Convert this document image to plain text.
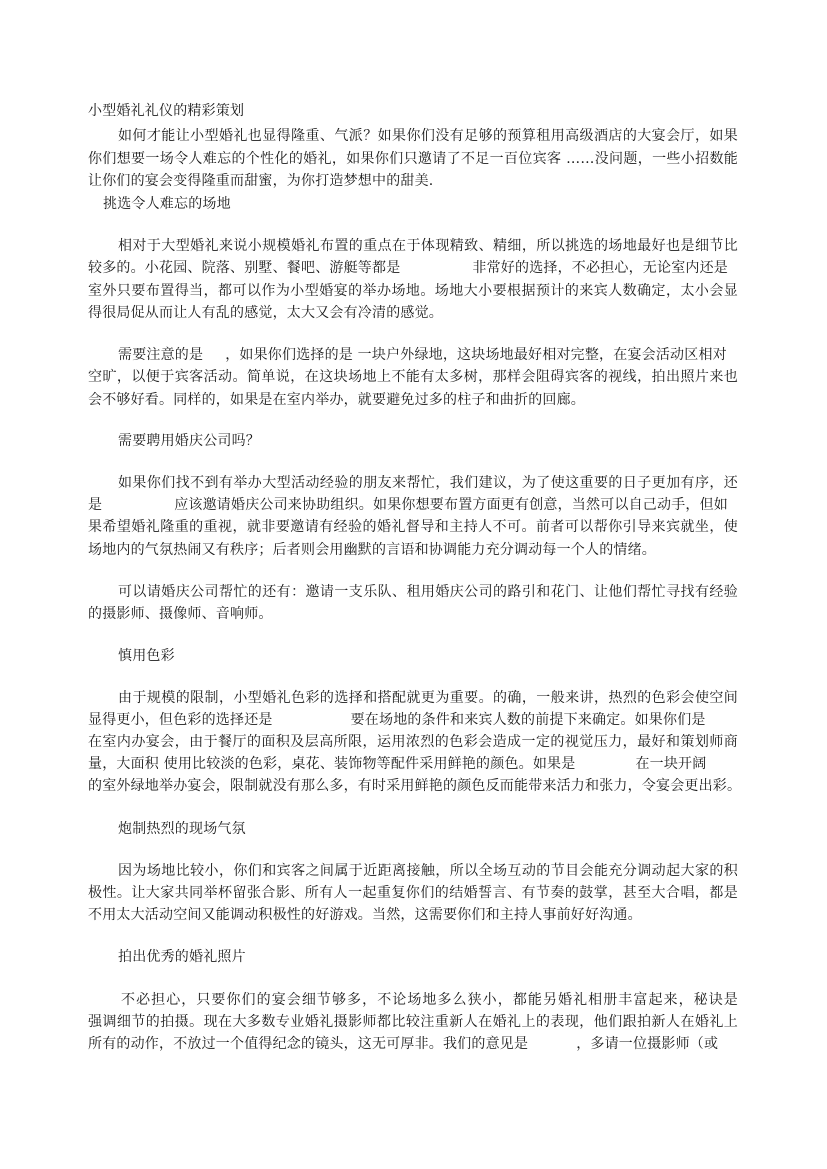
小型婚礼礼仪的精彩策划
如何才能让小型婚礼也显得隆重、气派？如果你们没有足够的预算租用高级酒店的大宴会厅，如果
你们想要一场令人难忘的个性化的婚礼，如果你们只邀请了不足一百位宾客 ……没问题，一些小招数能
让你们的宴会变得隆重而甜蜜，为你打造梦想中的甜美.
挑选令人难忘的场地
相对于大型婚礼来说小规模婚礼布置的重点在于体现精致、精细，所以挑选的场地最好也是细节比
较多的。小花园、院落、别墅、餐吧、游艇等都是	非常好的选择，不必担心，无论室内还是
室外只要布置得当，都可以作为小型婚宴的举办场地。场地大小要根据预计的来宾人数确定，太小会显
得很局促从而让人有乱的感觉，太大又会有冷清的感觉。
需要注意的是 ，如果你们选择的是 一块户外绿地，这块场地最好相对完整，在宴会活动区相对
空旷，以便于宾客活动。简单说，在这块场地上不能有太多树，那样会阻碍宾客的视线，拍出照片来也
会不够好看。同样的，如果是在室内举办，就要避免过多的柱子和曲折的回廊。
需要聘用婚庆公司吗？
如果你们找不到有举办大型活动经验的朋友来帮忙，我们建议，为了使这重要的日子更加有序，还
是	应该邀请婚庆公司来协助组织。如果你想要布置方面更有创意，当然可以自己动手，但如
果希望婚礼隆重的重视，就非要邀请有经验的婚礼督导和主持人不可。前者可以帮你引导来宾就坐，使
场地内的气氛热闹又有秩序；后者则会用幽默的言语和协调能力充分调动每一个人的情绪。
可以请婚庆公司帮忙的还有：邀请一支乐队、租用婚庆公司的路引和花门、让他们帮忙寻找有经验
的摄影师、摄像师、音响师。
慎用色彩
由于规模的限制，小型婚礼色彩的选择和搭配就更为重要。的确，一般来讲，热烈的色彩会使空间
显得更小，但色彩的选择还是	要在场地的条件和来宾人数的前提下来确定。如果你们是
在室内办宴会，由于餐厅的面积及层高所限，运用浓烈的色彩会造成一定的视觉压力，最好和策划师商
量，大面积 使用比较淡的色彩，桌花、装饰物等配件采用鲜艳的颜色。如果是	在一块开阔
的室外绿地举办宴会，限制就没有那么多，有时采用鲜艳的颜色反而能带来活力和张力，令宴会更出彩。
炮制热烈的现场气氛
因为场地比较小，你们和宾客之间属于近距离接触，所以全场互动的节目会能充分调动起大家的积
极性。让大家共同举杯留张合影、所有人一起重复你们的结婚誓言、有节奏的鼓掌，甚至大合唱，都是
不用太大活动空间又能调动积极性的好游戏。当然，这需要你们和主持人事前好好沟通。
拍出优秀的婚礼照片
不必担心，只要你们的宴会细节够多，不论场地多么狭小，都能另婚礼相册丰富起来，秘诀是
强调细节的拍摄。现在大多数专业婚礼摄影师都比较注重新人在婚礼上的表现，他们跟拍新人在婚礼上
所有的动作，不放过一个值得纪念的镜头，这无可厚非。我们的意见是	，多请一位摄影师（或
